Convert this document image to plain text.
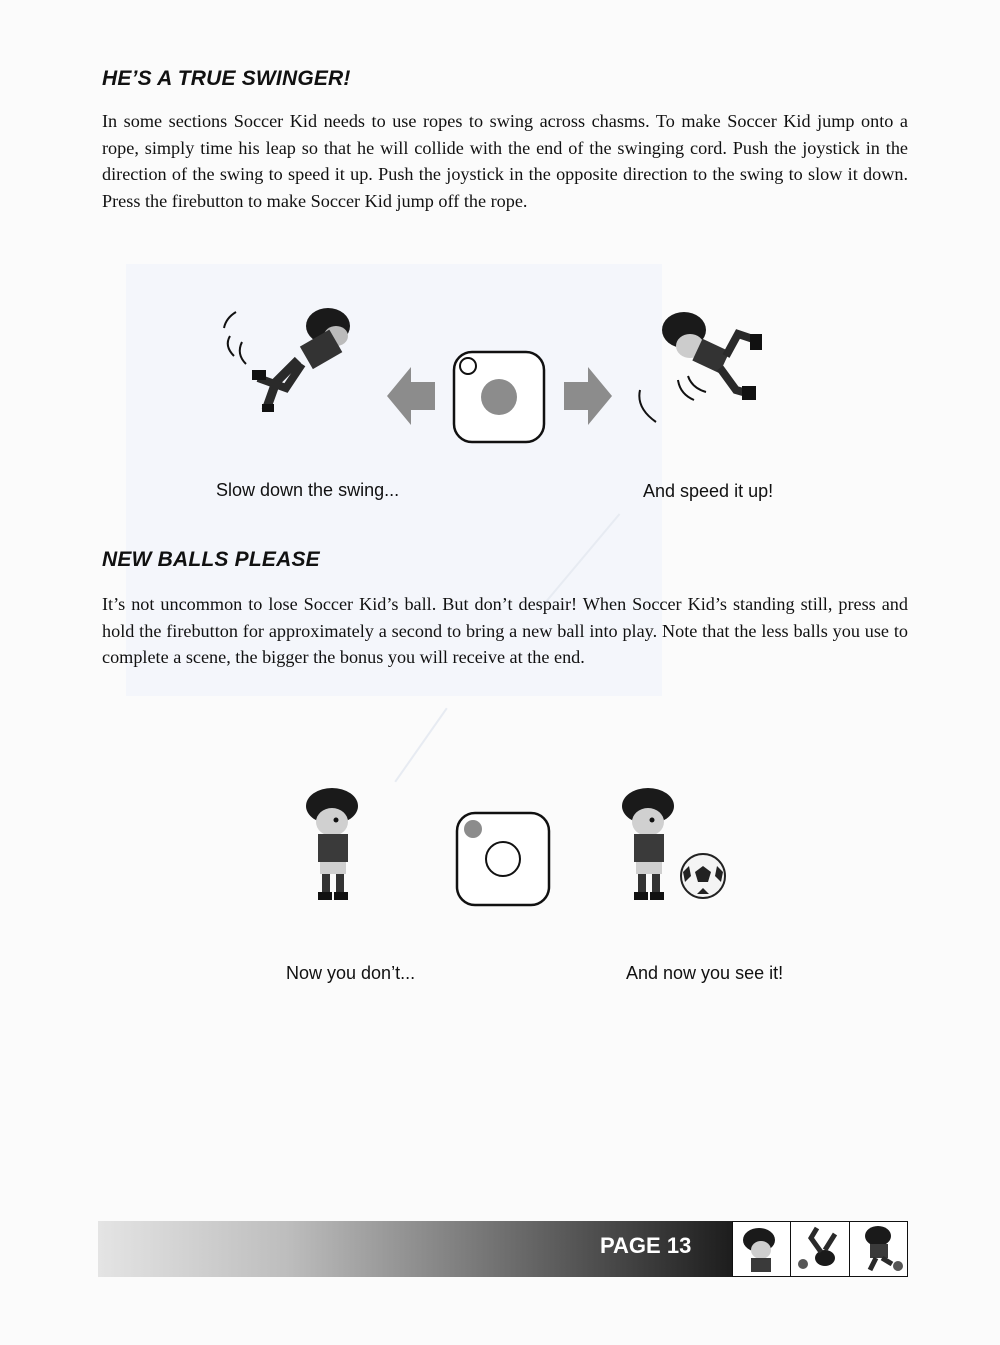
HE’S A TRUE SWINGER!

In some sections Soccer Kid needs to use ropes to swing across chasms. To make Soccer Kid jump onto a rope, simply time his leap so that he will collide with the end of the swinging cord. Push the joystick in the direction of the swing to speed it up. Push the joystick in the opposite direction to the swing to slow it down. Press the firebutton to make Soccer Kid jump off the rope.

Slow down the swing...	And speed it up!

NEW BALLS PLEASE

It’s not uncommon to lose Soccer Kid’s ball. But don’t despair! When Soccer Kid’s standing still, press and hold the firebutton for approximately a second to bring a new ball into play. Note that the less balls you use to complete a scene, the bigger the bonus you will receive at the end.

Now you don’t...	And now you see it!

PAGE 13
